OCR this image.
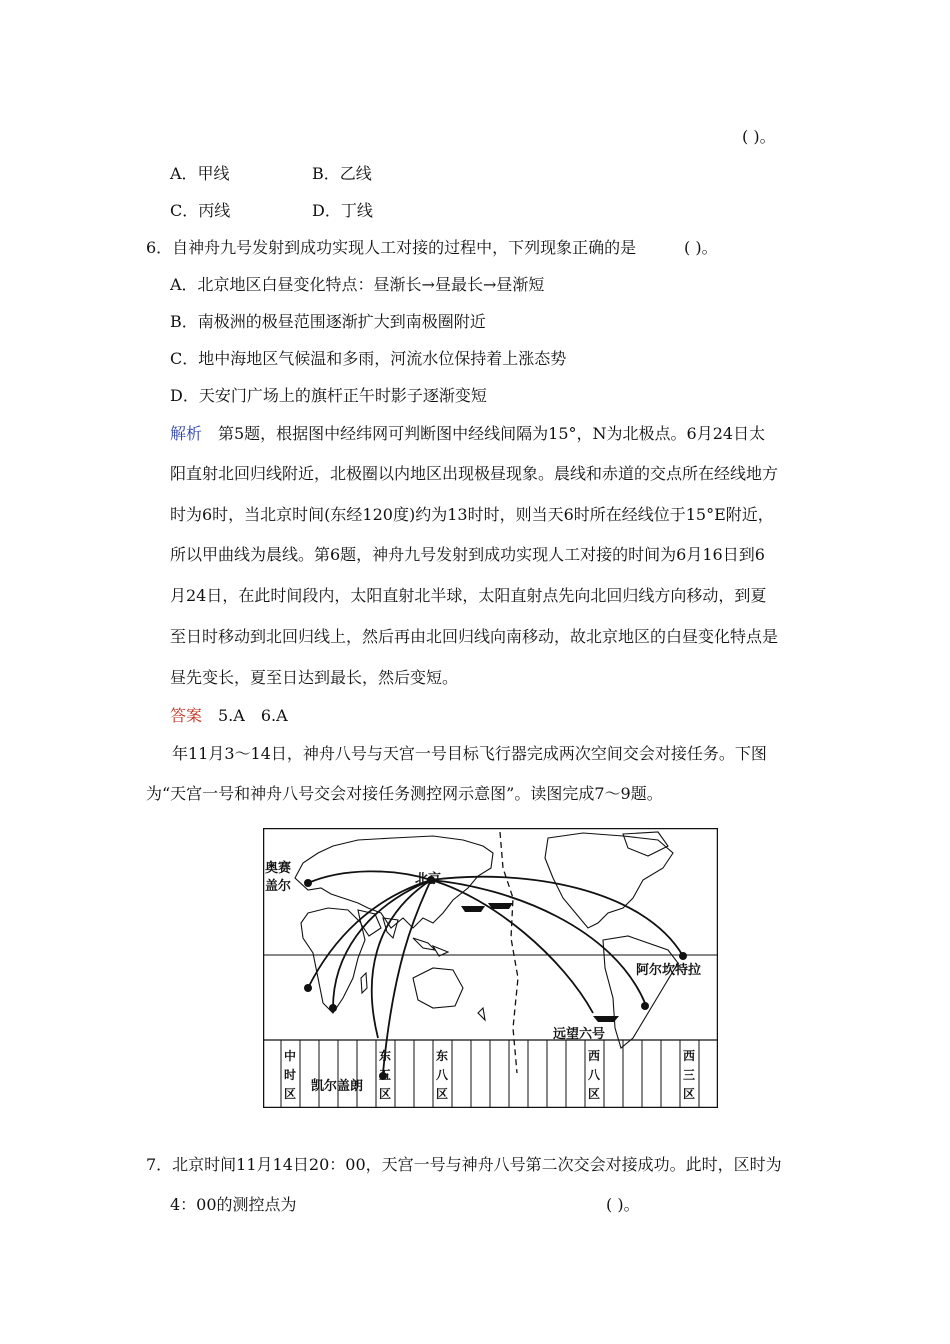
( )。
A．甲线	B．乙线
C．丙线	D．丁线
6．自神舟九号发射到成功实现人工对接的过程中，下列现象正确的是	( )。
A．北京地区白昼变化特点：昼渐长→昼最长→昼渐短
B．南极洲的极昼范围逐渐扩大到南极圈附近
C．地中海地区气候温和多雨，河流水位保持着上涨态势
D．天安门广场上的旗杆正午时影子逐渐变短
解析 第5题，根据图中经纬网可判断图中经线间隔为15°，N为北极点。6月24日太
阳直射北回归线附近，北极圈以内地区出现极昼现象。晨线和赤道的交点所在经线地方
时为6时，当北京时间(东经120度)约为13时时，则当天6时所在经线位于15°E附近，
所以甲曲线为晨线。第6题，神舟九号发射到成功实现人工对接的时间为6月16日到6
月24日，在此时间段内，太阳直射北半球，太阳直射点先向北回归线方向移动，到夏
至日时移动到北回归线上，然后再由北回归线向南移动，故北京地区的白昼变化特点是
昼先变长，夏至日达到最长，然后变短。
答案 5.A　6.A
年11月3～14日，神舟八号与天宫一号目标飞行器完成两次空间交会对接任务。下图
为“天宫一号和神舟八号交会对接任务测控网示意图”。读图完成7～9题。
奥赛
盖尔	北京
阿尔坎特拉
远望六号
凯尔盖朗
中
时
区
东
五
区
东
八
区
西
八
区
西
三
区
7．北京时间11月14日20：00，天宫一号与神舟八号第二次交会对接成功。此时，区时为
4：00的测控点为	( )。
